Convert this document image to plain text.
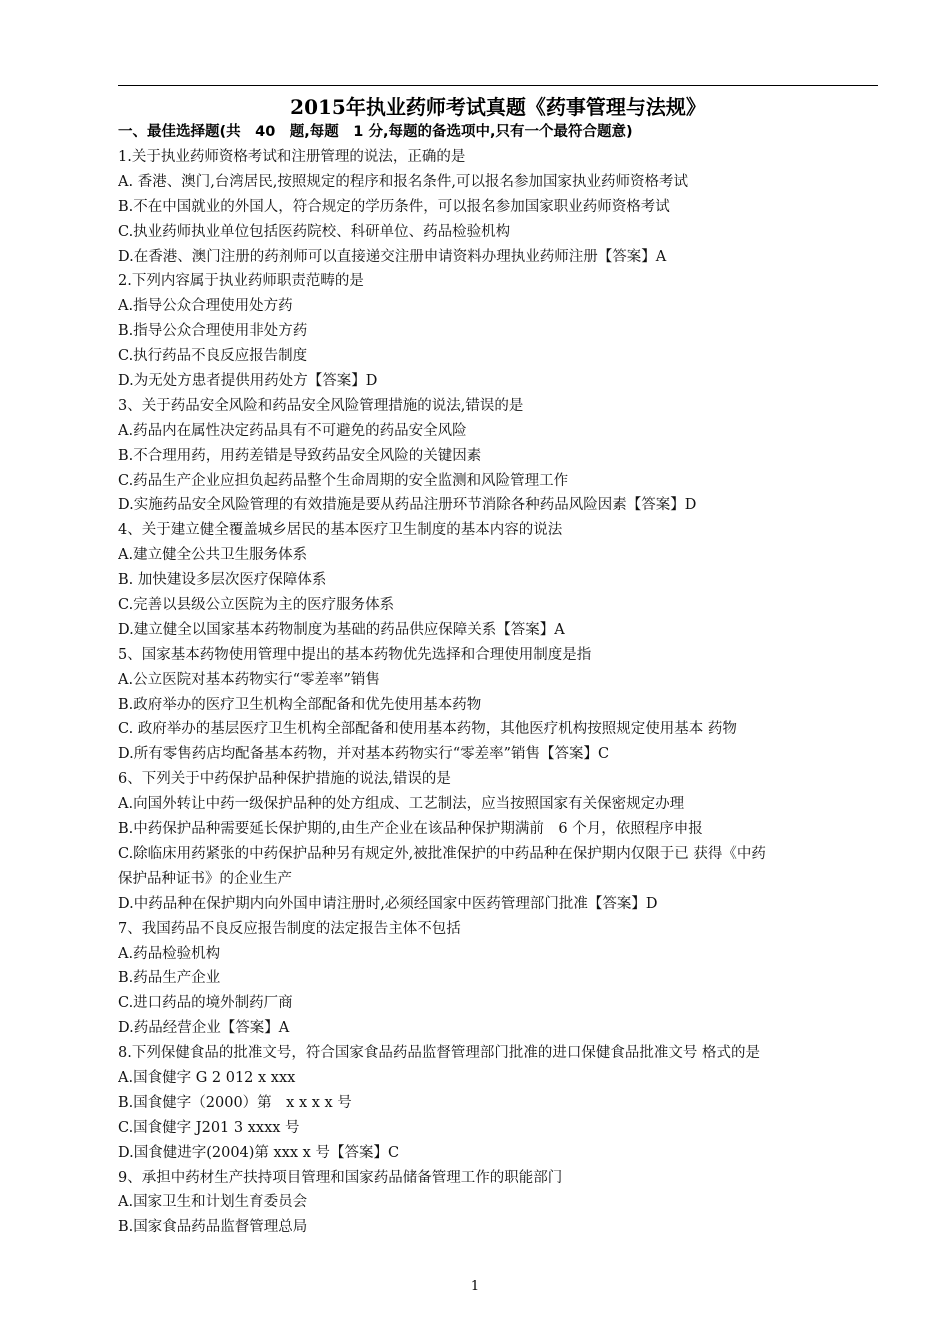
2015年执业药师考试真题《药事管理与法规》
一、最佳选择题(共　40　题,每题　1 分,每题的备选项中,只有一个最符合题意)
1.关于执业药师资格考试和注册管理的说法，正确的是
A. 香港、澳门,台湾居民,按照规定的程序和报名条件,可以报名参加国家执业药师资格考试
B.不在中国就业的外国人，符合规定的学历条件，可以报名参加国家职业药师资格考试
C.执业药师执业单位包括医药院校、科研单位、药品检验机构
D.在香港、澳门注册的药剂师可以直接递交注册申请资料办理执业药师注册【答案】A
2.下列内容属于执业药师职责范畴的是
A.指导公众合理使用处方药
B.指导公众合理使用非处方药
C.执行药品不良反应报告制度
D.为无处方患者提供用药处方【答案】D
3、关于药品安全风险和药品安全风险管理措施的说法,错误的是
A.药品内在属性决定药品具有不可避免的药品安全风险
B.不合理用药，用药差错是导致药品安全风险的关键因素
C.药品生产企业应担负起药品整个生命周期的安全监测和风险管理工作
D.实施药品安全风险管理的有效措施是要从药品注册环节消除各种药品风险因素【答案】D
4、关于建立健全覆盖城乡居民的基本医疗卫生制度的基本内容的说法
A.建立健全公共卫生服务体系
B. 加快建设多层次医疗保障体系
C.完善以县级公立医院为主的医疗服务体系
D.建立健全以国家基本药物制度为基础的药品供应保障关系【答案】A
5、国家基本药物使用管理中提出的基本药物优先选择和合理使用制度是指
A.公立医院对基本药物实行“零差率”销售
B.政府举办的医疗卫生机构全部配备和优先使用基本药物
C. 政府举办的基层医疗卫生机构全部配备和使用基本药物，其他医疗机构按照规定使用基本 药物
D.所有零售药店均配备基本药物，并对基本药物实行“零差率”销售【答案】C
6、下列关于中药保护品种保护措施的说法,错误的是
A.向国外转让中药一级保护品种的处方组成、工艺制法，应当按照国家有关保密规定办理
B.中药保护品种需要延长保护期的,由生产企业在该品种保护期满前　6 个月，依照程序申报
C.除临床用药紧张的中药保护品种另有规定外,被批准保护的中药品种在保护期内仅限于已 获得《中药
保护品种证书》的企业生产
D.中药品种在保护期内向外国申请注册时,必须经国家中医药管理部门批准【答案】D
7、我国药品不良反应报告制度的法定报告主体不包括
A.药品检验机构
B.药品生产企业
C.进口药品的境外制药厂商
D.药品经营企业【答案】A
8.下列保健食品的批准文号，符合国家食品药品监督管理部门批准的进口保健食品批准文号 格式的是
A.国食健字 G 2 012 x xxx
B.国食健字（2000）第　x x x x 号
C.国食健字 J201 3 xxxx 号
D.国食健进字(2004)第 xxx x 号【答案】C
9、承担中药材生产扶持项目管理和国家药品储备管理工作的职能部门
A.国家卫生和计划生育委员会
B.国家食品药品监督管理总局
1
